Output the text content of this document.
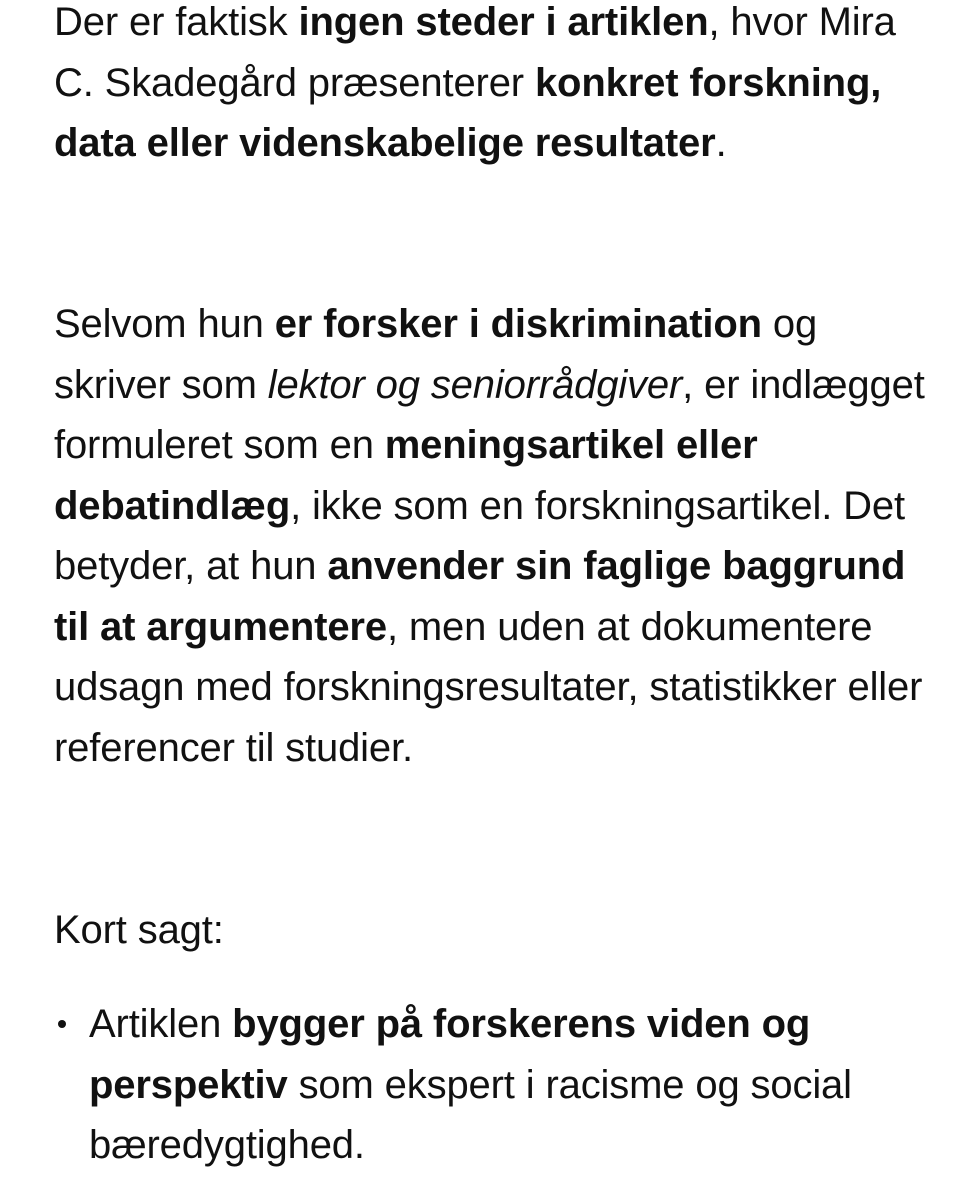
Der er faktisk ingen steder i artiklen, hvor Mira C. Skadegård præsenterer konkret forskning, data eller videnskabelige resultater.

Selvom hun er forsker i diskrimination og skriver som lektor og seniorrådgiver, er indlægget formuleret som en meningsartikel eller debatindlæg, ikke som en forskningsartikel. Det betyder, at hun anvender sin faglige baggrund til at argumentere, men uden at dokumentere udsagn med forskningsresultater, statistikker eller referencer til studier.

Kort sagt:

Artiklen bygger på forskerens viden og perspektiv som ekspert i racisme og social bæredygtighed.
